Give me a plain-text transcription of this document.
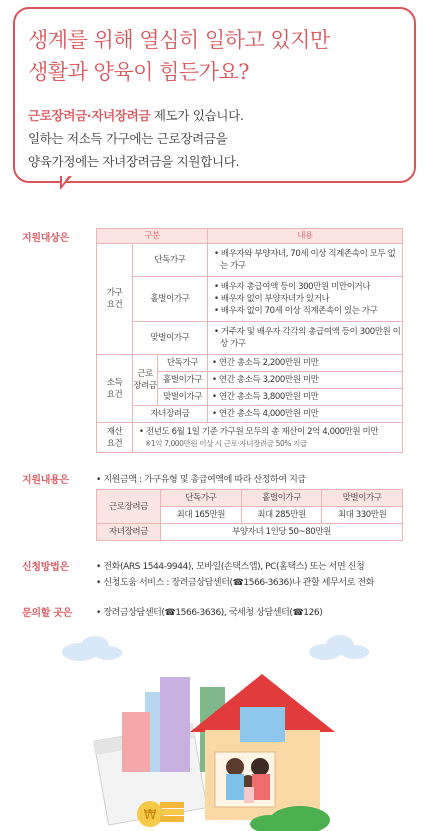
생계를 위해 열심히 일하고 있지만
생활과 양육이 힘든가요?
근로장려금·자녀장려금 제도가 있습니다.
일하는 저소득 가구에는 근로장려금을
양육가정에는 자녀장려금을 지원합니다.
지원대상은	구분			내용
가구
요건	단독가구		• 배우자와 부양자녀, 70세 이상 직계존속이 모두 없는 가구

	홑벌이가구		• 배우자 총급여액 등이 300만원 미만이거나
• 배우자 없이 부양자녀가 있거나
• 배우자 없이 70세 이상 직계존속이 있는 가구

	맞벌이가구		• 거주자 및 배우자 각각의 총급여액 등이 300만원 이상 가구

소득
요건	근로
장려금	단독가구	• 연간 총소득 2,200만원 미만
		홑벌이가구	• 연간 총소득 3,200만원 미만
		맞벌이가구	• 연간 총소득 3,800만원 미만
	자녀장려금		• 연간 총소득 4,000만원 미만
재산
요건	• 전년도 6월 1일 기준 가구원 모두의 총 재산이 2억 4,000만원 미만
※1억 7,000만원 이상 시 근로·자녀장려금 50% 지급		
지원내용은	• 지원금액 : 가구유형 및 총급여액에 따라 산정하여 지급
근로장려금	단독가구	홑벌이가구	맞벌이가구
	최대 165만원	최대 285만원	최대 330만원
자녀장려금	부양자녀 1인당 50~80만원		
신청방법은	• 전화(ARS 1544-9944), 모바일(손택스앱), PC(홈택스) 또는 서면 신청
• 신청도움 서비스 : 장려금상담센터(☎1566-3636)나 관할 세무서로 전화
문의할 곳은	• 장려금상담센터(☎1566-3636), 국세청 상담센터(☎126)
₩
